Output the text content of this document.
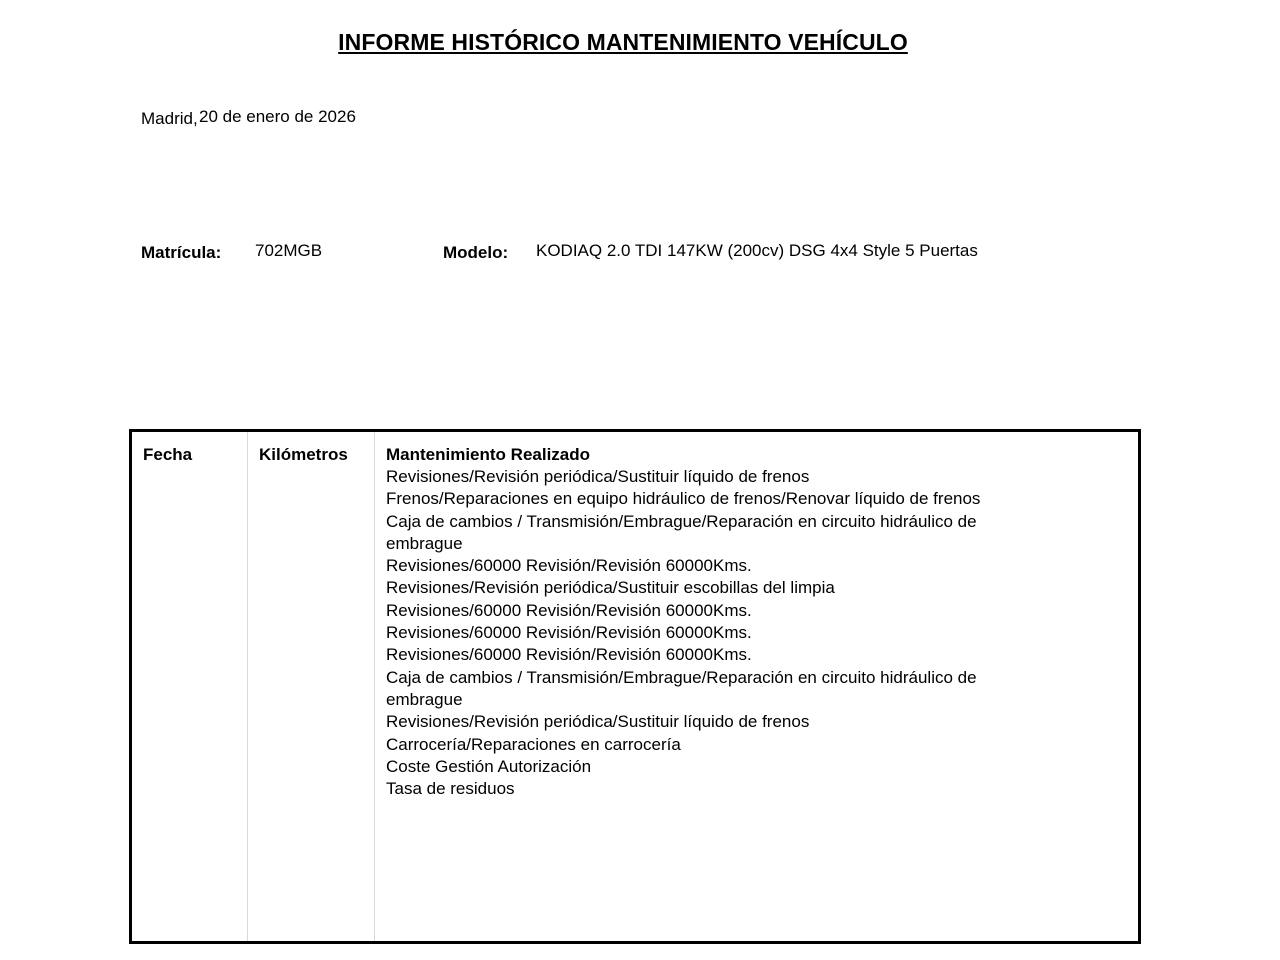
INFORME HISTÓRICO MANTENIMIENTO VEHÍCULO
Madrid, 20 de enero de 2026
Matrícula: 702MGB	Modelo: KODIAQ 2.0 TDI 147KW (200cv) DSG 4x4 Style 5 Puertas
Fecha	Kilómetros	Mantenimiento Realizado
Revisiones/Revisión periódica/Sustituir líquido de frenos
Frenos/Reparaciones en equipo hidráulico de frenos/Renovar líquido de frenos
Caja de cambios / Transmisión/Embrague/Reparación en circuito hidráulico de embrague
Revisiones/60000 Revisión/Revisión 60000Kms.
Revisiones/Revisión periódica/Sustituir escobillas del limpia
Revisiones/60000 Revisión/Revisión 60000Kms.
Revisiones/60000 Revisión/Revisión 60000Kms.
Revisiones/60000 Revisión/Revisión 60000Kms.
Caja de cambios / Transmisión/Embrague/Reparación en circuito hidráulico de embrague
Revisiones/Revisión periódica/Sustituir líquido de frenos
Carrocería/Reparaciones en carrocería
Coste Gestión Autorización
Tasa de residuos
